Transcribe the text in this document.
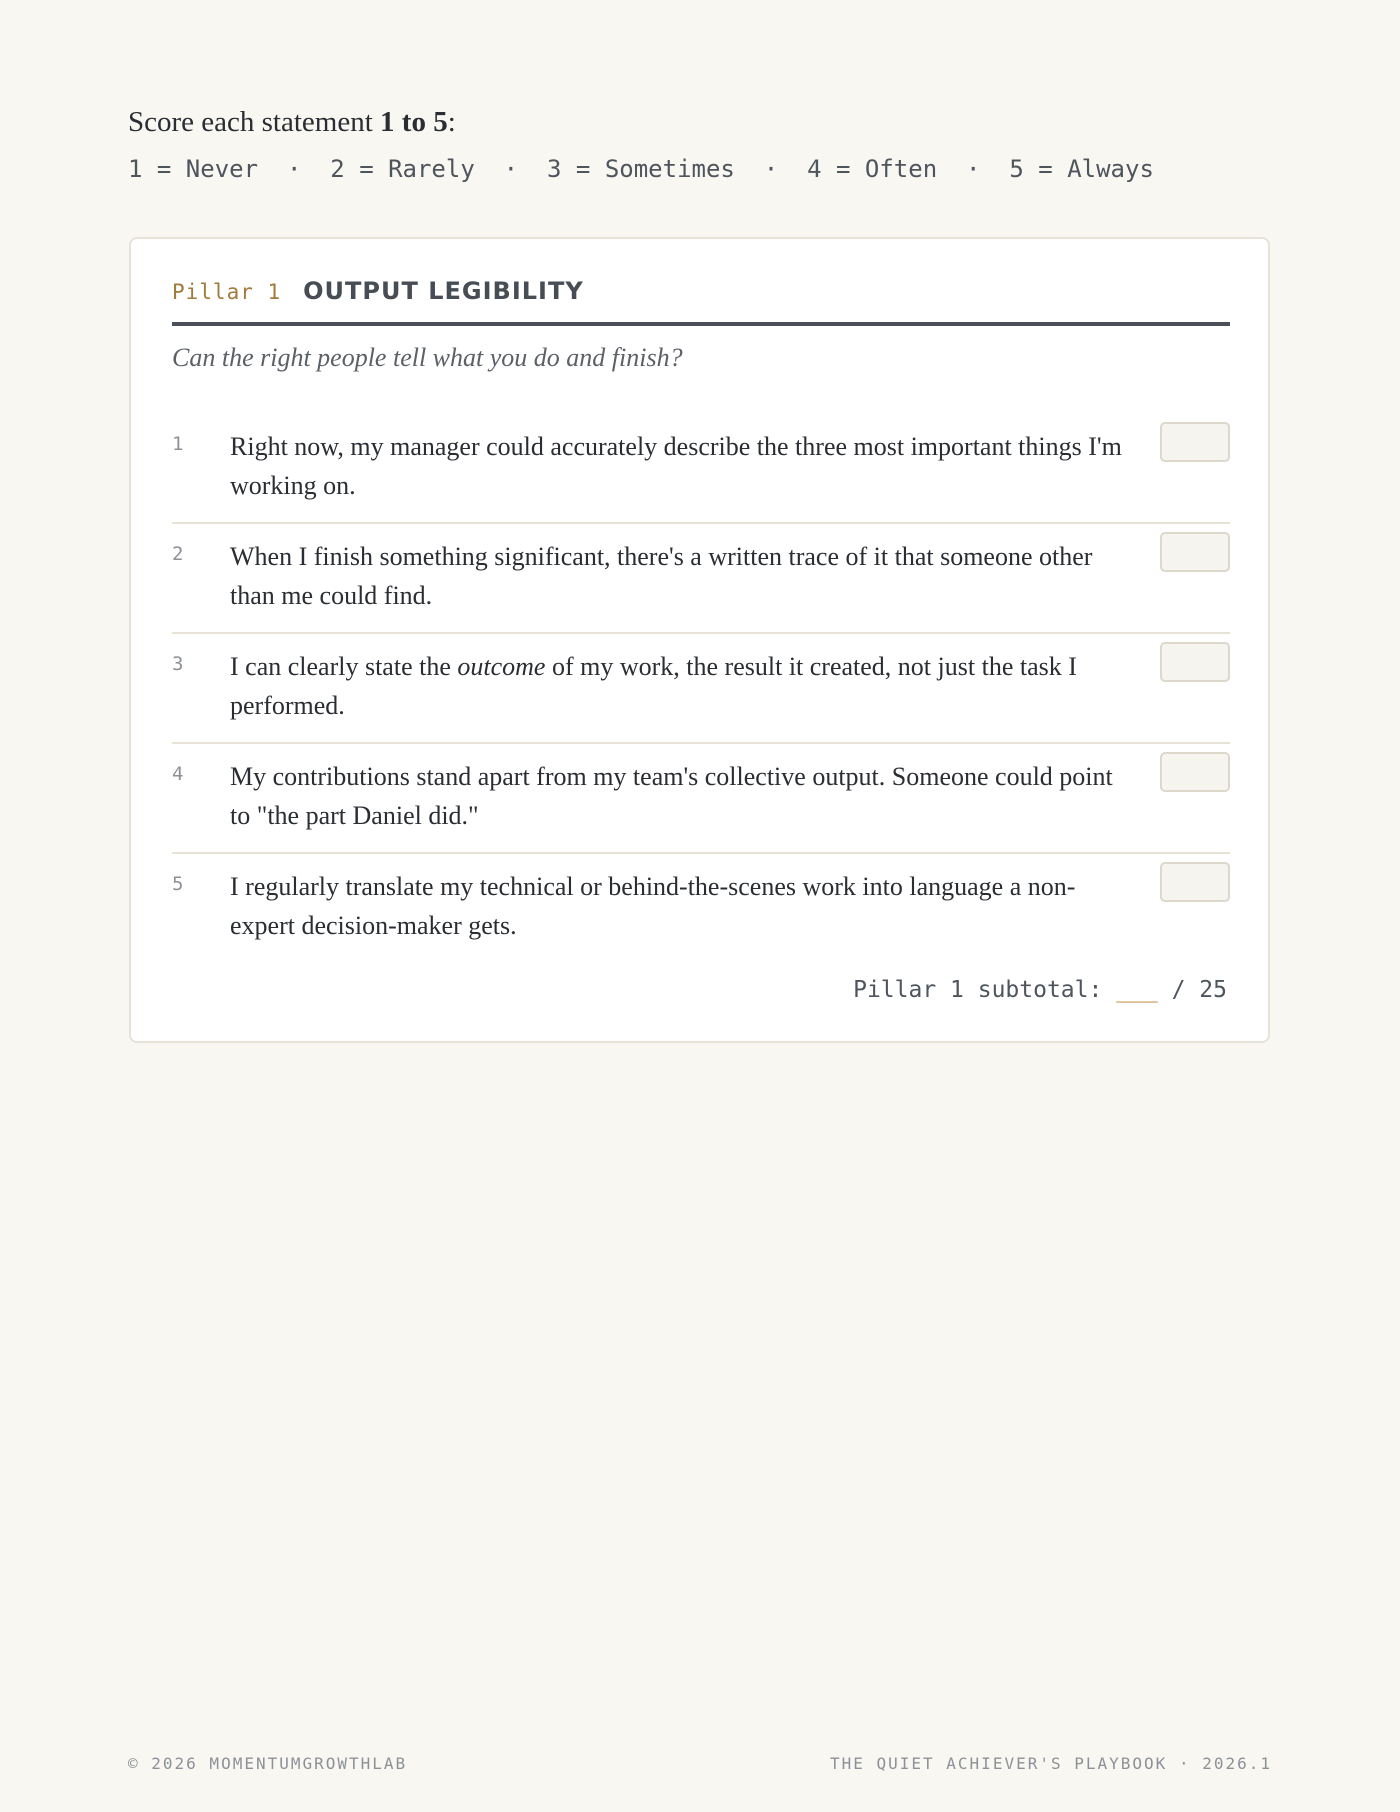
Score each statement 1 to 5:
1 = Never  ·  2 = Rarely  ·  3 = Sometimes  ·  4 = Often  ·  5 = Always
Pillar 1 OUTPUT LEGIBILITY
Can the right people tell what you do and finish?
1 Right now, my manager could accurately describe the three most important things I'm working on.
2 When I finish something significant, there's a written trace of it that someone other than me could find.
3 I can clearly state the outcome of my work, the result it created, not just the task I performed.
4 My contributions stand apart from my team's collective output. Someone could point to "the part Daniel did."
5 I regularly translate my technical or behind-the-scenes work into language a non-expert decision-maker gets.
Pillar 1 subtotal: ___ / 25
© 2026 MOMENTUMGROWTHLAB	THE QUIET ACHIEVER'S PLAYBOOK · 2026.1
